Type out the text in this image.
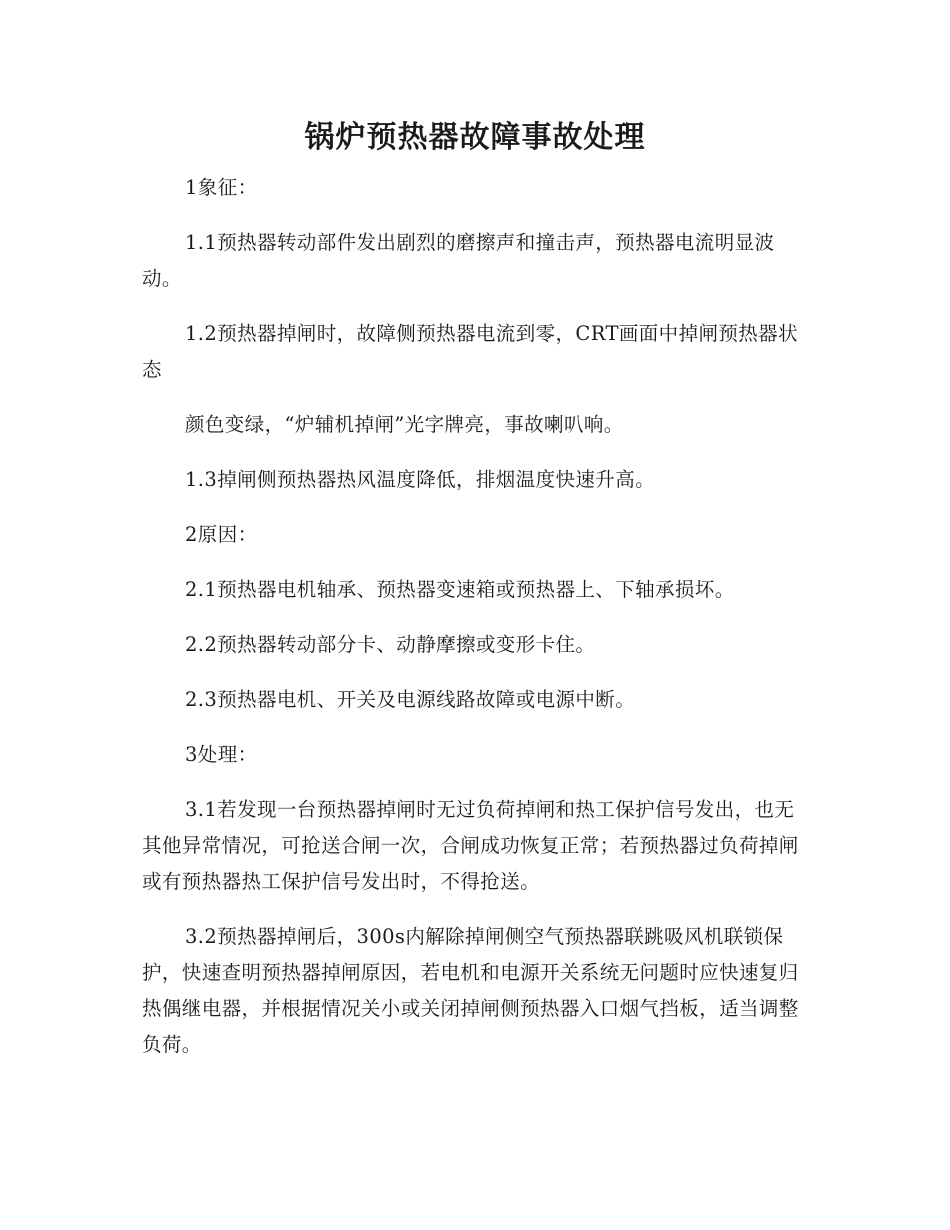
锅炉预热器故障事故处理

1象征：

1.1预热器转动部件发出剧烈的磨擦声和撞击声，预热器电流明显波动。

1.2预热器掉闸时，故障侧预热器电流到零，CRT画面中掉闸预热器状态

颜色变绿，“炉辅机掉闸”光字牌亮，事故喇叭响。

1.3掉闸侧预热器热风温度降低，排烟温度快速升高。

2原因：

2.1预热器电机轴承、预热器变速箱或预热器上、下轴承损坏。

2.2预热器转动部分卡、动静摩擦或变形卡住。

2.3预热器电机、开关及电源线路故障或电源中断。

3处理：

3.1若发现一台预热器掉闸时无过负荷掉闸和热工保护信号发出，也无其他异常情况，可抢送合闸一次，合闸成功恢复正常；若预热器过负荷掉闸或有预热器热工保护信号发出时，不得抢送。

3.2预热器掉闸后，300s内解除掉闸侧空气预热器联跳吸风机联锁保护，快速查明预热器掉闸原因，若电机和电源开关系统无问题时应快速复归热偶继电器，并根据情况关小或关闭掉闸侧预热器入口烟气挡板，适当调整负荷。
